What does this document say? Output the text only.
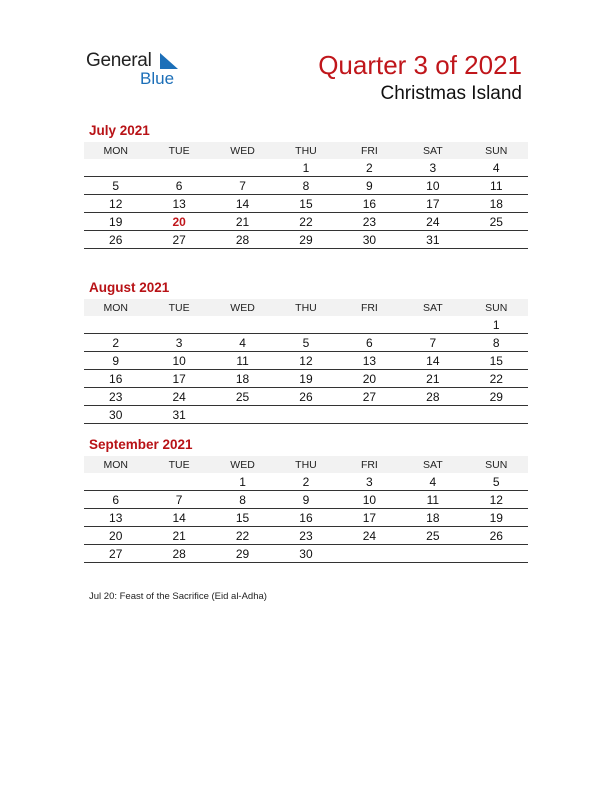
General
Blue	Quarter 3 of 2021
Christmas Island
July 2021
MON	TUE	WED	THU	FRI	SAT	SUN
			1	2	3	4
5	6	7	8	9	10	11
12	13	14	15	16	17	18
19	20	21	22	23	24	25
26	27	28	29	30	31	
August 2021
MON	TUE	WED	THU	FRI	SAT	SUN
						1
2	3	4	5	6	7	8
9	10	11	12	13	14	15
16	17	18	19	20	21	22
23	24	25	26	27	28	29
30	31					
September 2021
MON	TUE	WED	THU	FRI	SAT	SUN
		1	2	3	4	5
6	7	8	9	10	11	12
13	14	15	16	17	18	19
20	21	22	23	24	25	26
27	28	29	30			
Jul 20: Feast of the Sacrifice (Eid al-Adha)
